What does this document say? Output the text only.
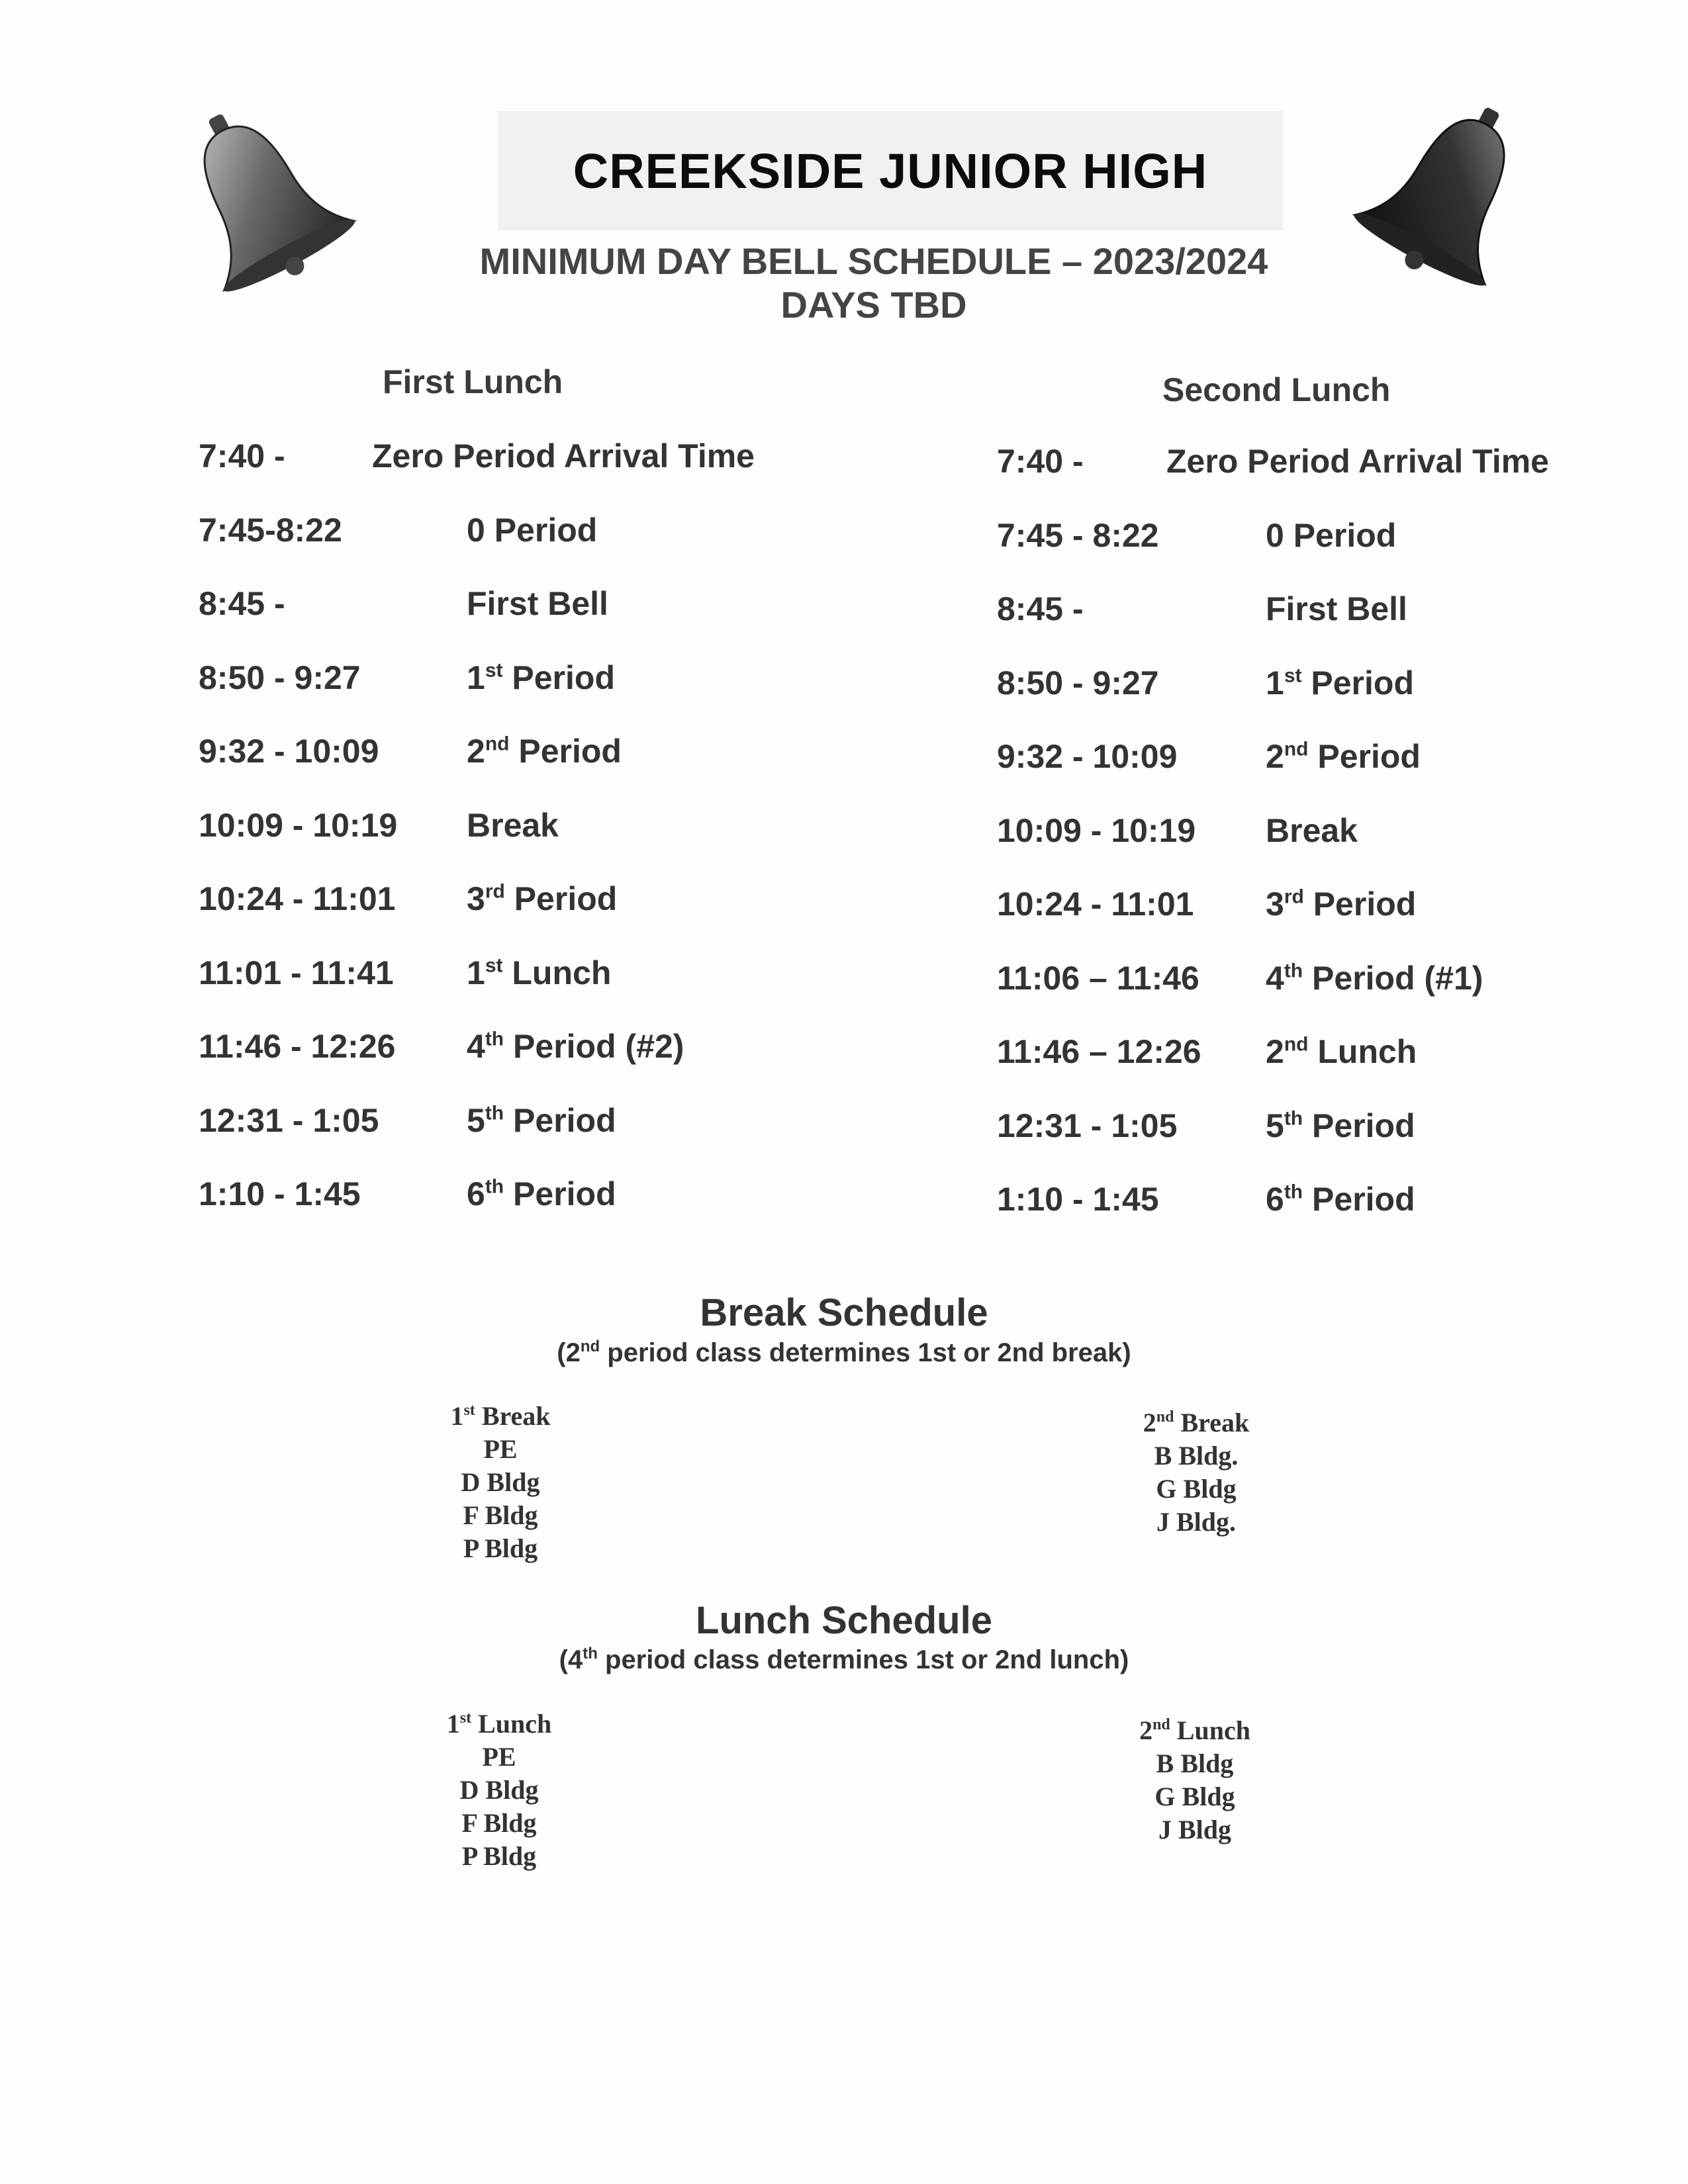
CREEKSIDE JUNIOR HIGH
MINIMUM DAY BELL SCHEDULE – 2023/2024
DAYS TBD
First Lunch	Second Lunch
7:40 -	Zero Period Arrival Time
7:45-8:22	0 Period
8:45 -	First Bell
8:50 - 9:27	1st Period
9:32 - 10:09	2nd Period
10:09 - 10:19 Break
10:24 - 11:01 3rd Period
11:01 - 11:41 1st Lunch
11:46 - 12:26 4th Period (#2)
12:31 - 1:05	5th Period
1:10 - 1:45	6th Period
7:40 -	Zero Period Arrival Time
7:45 - 8:22	0 Period
8:45 -	First Bell
8:50 - 9:27	1st Period
9:32 - 10:09	2nd Period
10:09 - 10:19 Break
10:24 - 11:01 3rd Period
11:06 – 11:46 4th Period (#1)
11:46 – 12:26 2nd Lunch
12:31 - 1:05	5th Period
1:10 - 1:45	6th Period
Break Schedule
(2nd period class determines 1st or 2nd break)
1st Break
PE
D Bldg
F Bldg
P Bldg
2nd Break
B Bldg.
G Bldg
J Bldg.
Lunch Schedule
(4th period class determines 1st or 2nd lunch)
1st Lunch
PE
D Bldg
F Bldg
P Bldg
2nd Lunch
B Bldg
G Bldg
J Bldg
